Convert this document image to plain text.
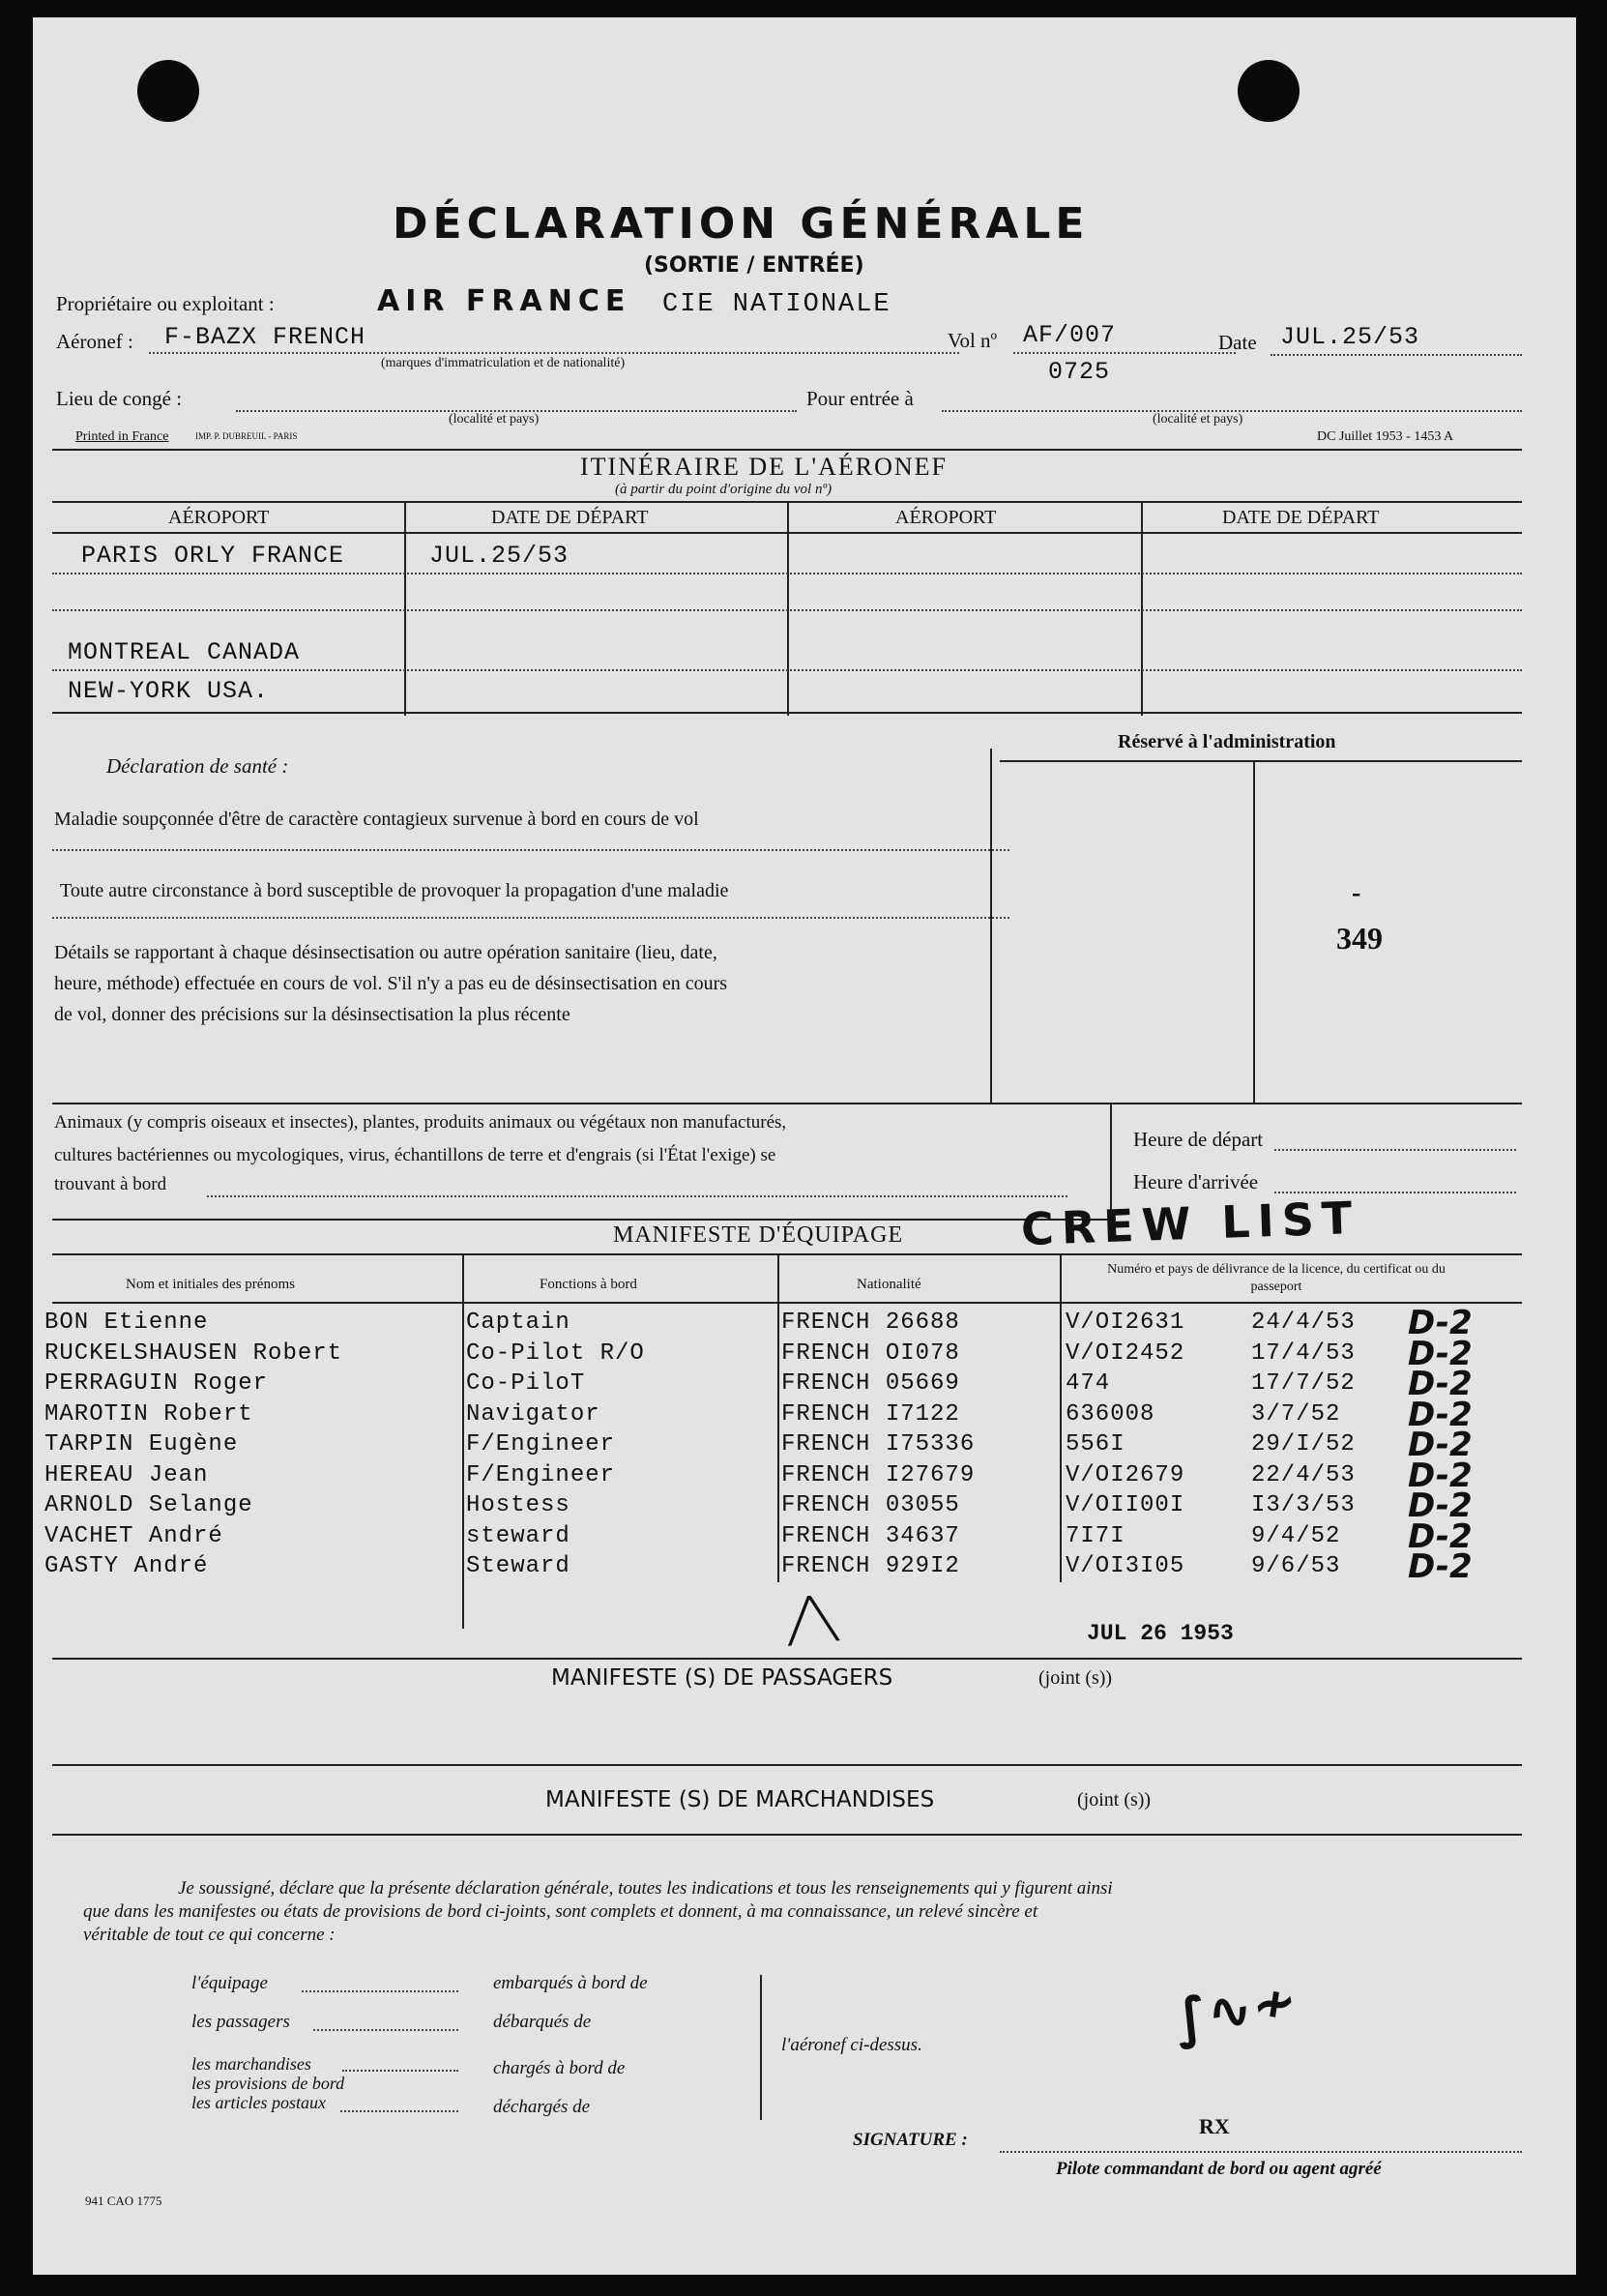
DÉCLARATION GÉNÉRALE
(SORTIE / ENTRÉE)
Propriétaire ou exploitant :	AIR FRANCE CIE NATIONALE
Aéronef : F-BAZX FRENCH
(marques d'immatriculation et de nationalité)
Vol nº AF/007
0725
Date JUL.25/53
Lieu de congé :
(localité et pays)
Pour entrée à
(localité et pays)
Printed in France	IMP. P. DUBREUIL - PARIS	DC Juillet 1953 - 1453 A
ITINÉRAIRE DE L'AÉRONEF
(à partir du point d'origine du vol nº)
AÉROPORT	DATE DE DÉPART	AÉROPORT	DATE DE DÉPART
PARIS ORLY FRANCE	JUL.25/53
MONTREAL CANADA
NEW-YORK USA.
Déclaration de santé :
Maladie soupçonnée d'être de caractère contagieux survenue à bord en cours de vol
Toute autre circonstance à bord susceptible de provoquer la propagation d'une maladie
Détails se rapportant à chaque désinsectisation ou autre opération sanitaire (lieu, date,
heure, méthode) effectuée en cours de vol. S'il n'y a pas eu de désinsectisation en cours
de vol, donner des précisions sur la désinsectisation la plus récente
Réservé à l'administration
-
349
Animaux (y compris oiseaux et insectes), plantes, produits animaux ou végétaux non manufacturés,
cultures bactériennes ou mycologiques, virus, échantillons de terre et d'engrais (si l'État l'exige) se
trouvant à bord
Heure de départ
Heure d'arrivée
MANIFESTE D'ÉQUIPAGE	CREW LIST
Nom et initiales des prénoms	Fonctions à bord	Nationalité
Numéro et pays de délivrance de la licence, du certificat ou du passeport
BON Etienne	Captain	FRENCH 26688	V/OI2631	24/4/53 D-2
RUCKELSHAUSEN Robert	Co-Pilot R/O	FRENCH OI078	V/OI2452	17/4/53 D-2
PERRAGUIN Roger	Co-PiloT	FRENCH 05669	474	17/7/52 D-2
MAROTIN Robert	Navigator	FRENCH I7122	636008	3/7/52 D-2
TARPIN Eugène	F/Engineer	FRENCH I75336	556I	29/I/52 D-2
HEREAU Jean	F/Engineer	FRENCH I27679	V/OI2679	22/4/53 D-2
ARNOLD Selange	Hostess	FRENCH 03055	V/OII00I	I3/3/53 D-2
VACHET André	steward	FRENCH 34637	7I7I	9/4/52 D-2
GASTY André	Steward	FRENCH 929I2	V/OI3I05	9/6/53 D-2
╱╲	JUL 26 1953
MANIFESTE (S) DE PASSAGERS	(joint (s))
MANIFESTE (S) DE MARCHANDISES	(joint (s))
Je soussigné, déclare que la présente déclaration générale, toutes les indications et tous les renseignements qui y figurent ainsi
que dans les manifestes ou états de provisions de bord ci-joints, sont complets et donnent, à ma connaissance, un relevé sincère et
véritable de tout ce qui concerne :
l'équipage
les passagers
les marchandises
les provisions de bord
les articles postaux
embarqués à bord de
débarqués de
chargés à bord de
déchargés de
l'aéronef ci-dessus.	∫∿≁
RX
SIGNATURE :
Pilote commandant de bord ou agent agréé
941 CAO 1775
